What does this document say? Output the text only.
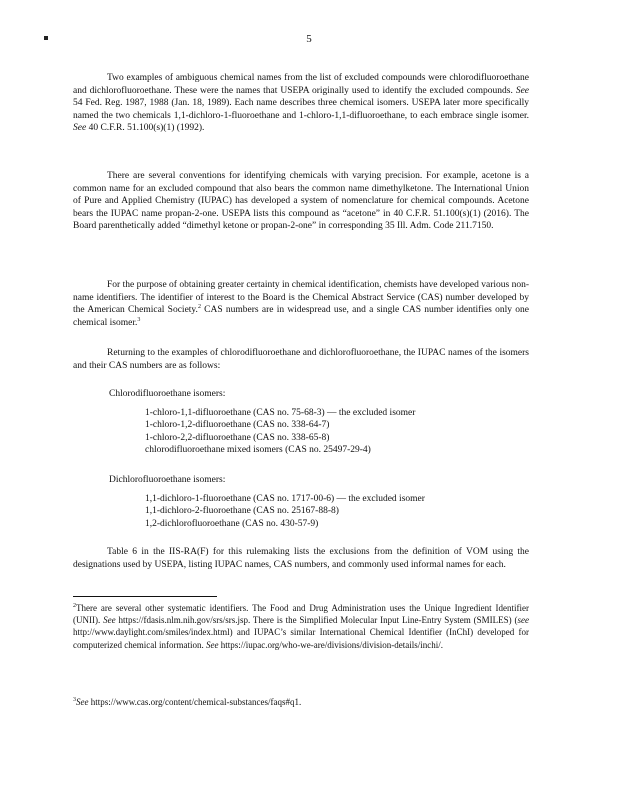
5

Two examples of ambiguous chemical names from the list of excluded compounds were chlorodifluoroethane and dichlorofluoroethane. These were the names that USEPA originally used to identify the excluded compounds. See 54 Fed. Reg. 1987, 1988 (Jan. 18, 1989). Each name describes three chemical isomers. USEPA later more specifically named the two chemicals 1,1-dichloro-1-fluoroethane and 1-chloro-1,1-difluoroethane, to each embrace single isomer. See 40 C.F.R. 51.100(s)(1) (1992).

There are several conventions for identifying chemicals with varying precision. For example, acetone is a common name for an excluded compound that also bears the common name dimethylketone. The International Union of Pure and Applied Chemistry (IUPAC) has developed a system of nomenclature for chemical compounds. Acetone bears the IUPAC name propan-2-one. USEPA lists this compound as “acetone” in 40 C.F.R. 51.100(s)(1) (2016). The Board parenthetically added “dimethyl ketone or propan-2-one” in corresponding 35 Ill. Adm. Code 211.7150.

For the purpose of obtaining greater certainty in chemical identification, chemists have developed various non-name identifiers. The identifier of interest to the Board is the Chemical Abstract Service (CAS) number developed by the American Chemical Society.$^2$ CAS numbers are in widespread use, and a single CAS number identifies only one chemical isomer.$^3$

Returning to the examples of chlorodifluoroethane and dichlorofluoroethane, the IUPAC names of the isomers and their CAS numbers are as follows:

Chlorodifluoroethane isomers:

1-chloro-1,1-difluoroethane (CAS no. 75-68-3) — the excluded isomer
1-chloro-1,2-difluoroethane (CAS no. 338-64-7)
1-chloro-2,2-difluoroethane (CAS no. 338-65-8)
chlorodifluoroethane mixed isomers (CAS no. 25497-29-4)

Dichlorofluoroethane isomers:

1,1-dichloro-1-fluoroethane (CAS no. 1717-00-6) — the excluded isomer
1,1-dichloro-2-fluoroethane (CAS no. 25167-88-8)
1,2-dichlorofluoroethane (CAS no. 430-57-9)

Table 6 in the IIS-RA(F) for this rulemaking lists the exclusions from the definition of VOM using the designations used by USEPA, listing IUPAC names, CAS numbers, and commonly used informal names for each.

$^2$There are several other systematic identifiers. The Food and Drug Administration uses the Unique Ingredient Identifier (UNII). See https://fdasis.nlm.nih.gov/srs/srs.jsp. There is the Simplified Molecular Input Line-Entry System (SMILES) (see http://www.daylight.com/smiles/index.html) and IUPAC’s similar International Chemical Identifier (InChI) developed for computerized chemical information. See https://iupac.org/who-we-are/divisions/division-details/inchi/.
$^3$See https://www.cas.org/content/chemical-substances/faqs#q1.
